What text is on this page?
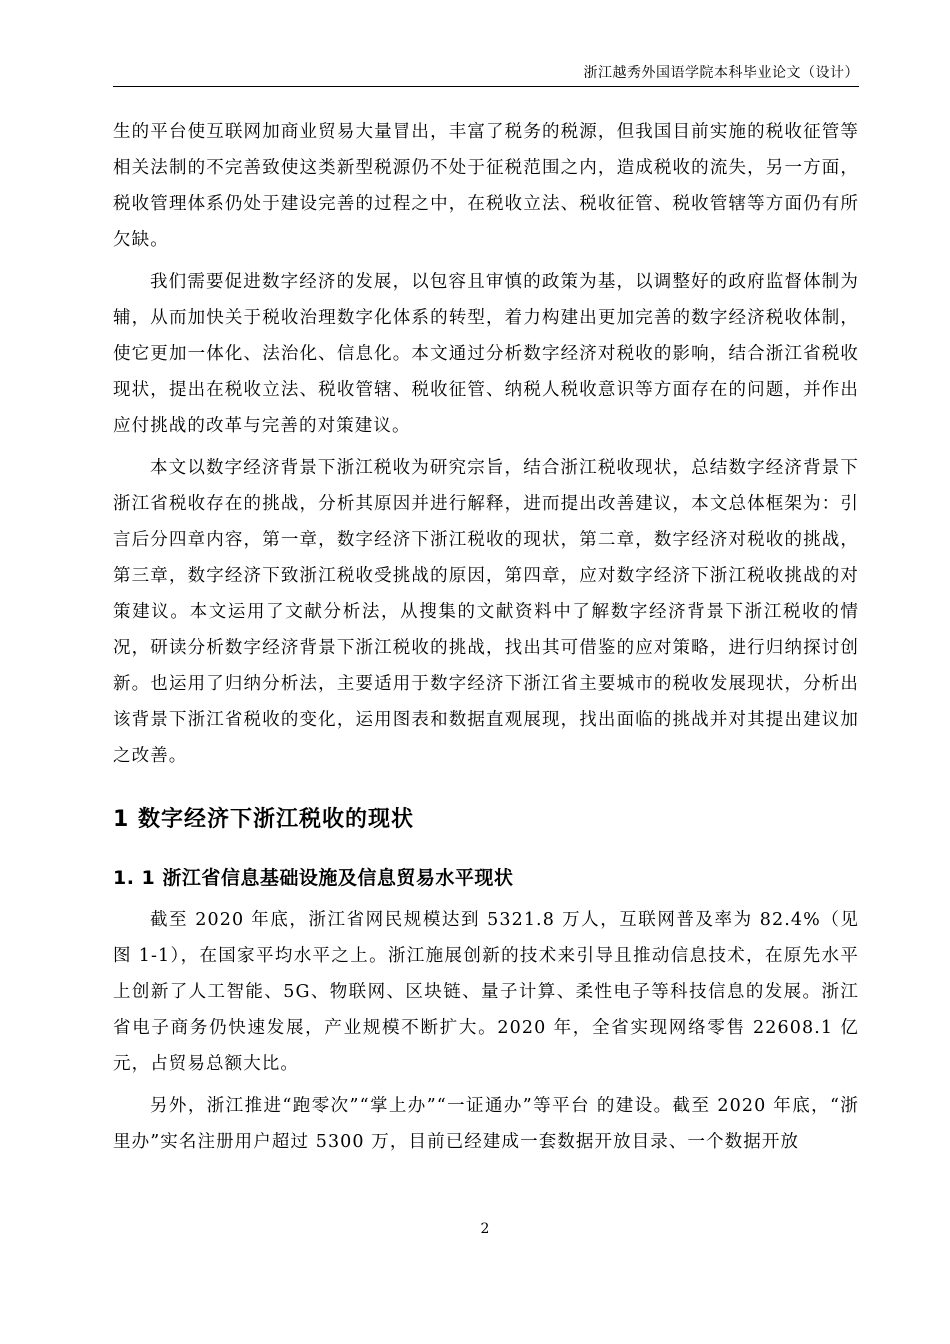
浙江越秀外国语学院本科毕业论文（设计）

生的平台使互联网加商业贸易大量冒出，丰富了税务的税源，但我国目前实施的税收征管等相关法制的不完善致使这类新型税源仍不处于征税范围之内，造成税收的流失，另一方面，税收管理体系仍处于建设完善的过程之中，在税收立法、税收征管、税收管辖等方面仍有所欠缺。

我们需要促进数字经济的发展，以包容且审慎的政策为基，以调整好的政府监督体制为辅，从而加快关于税收治理数字化体系的转型，着力构建出更加完善的数字经济税收体制，使它更加一体化、法治化、信息化。本文通过分析数字经济对税收的影响，结合浙江省税收现状，提出在税收立法、税收管辖、税收征管、纳税人税收意识等方面存在的问题，并作出应付挑战的改革与完善的对策建议。

本文以数字经济背景下浙江税收为研究宗旨，结合浙江税收现状，总结数字经济背景下浙江省税收存在的挑战，分析其原因并进行解释，进而提出改善建议，本文总体框架为：引言后分四章内容，第一章，数字经济下浙江税收的现状，第二章，数字经济对税收的挑战，第三章，数字经济下致浙江税收受挑战的原因，第四章，应对数字经济下浙江税收挑战的对策建议。本文运用了文献分析法，从搜集的文献资料中了解数字经济背景下浙江税收的情况，研读分析数字经济背景下浙江税收的挑战，找出其可借鉴的应对策略，进行归纳探讨创新。也运用了归纳分析法，主要适用于数字经济下浙江省主要城市的税收发展现状，分析出该背景下浙江省税收的变化，运用图表和数据直观展现，找出面临的挑战并对其提出建议加之改善。

1 数字经济下浙江税收的现状
1. 1 浙江省信息基础设施及信息贸易水平现状

截至 2020 年底，浙江省网民规模达到 5321.8 万人，互联网普及率为 82.4%（见图 1-1），在国家平均水平之上。浙江施展创新的技术来引导且推动信息技术，在原先水平上创新了人工智能、5G、物联网、区块链、量子计算、柔性电子等科技信息的发展。浙江省电子商务仍快速发展，产业规模不断扩大。2020 年，全省实现网络零售 22608.1 亿元，占贸易总额大比。

另外，浙江推进“跑零次”“掌上办”“一证通办”等平台 的建设。截至 2020 年底，“浙里办”实名注册用户超过 5300 万，目前已经建成一套数据开放目录、一个数据开放

2
